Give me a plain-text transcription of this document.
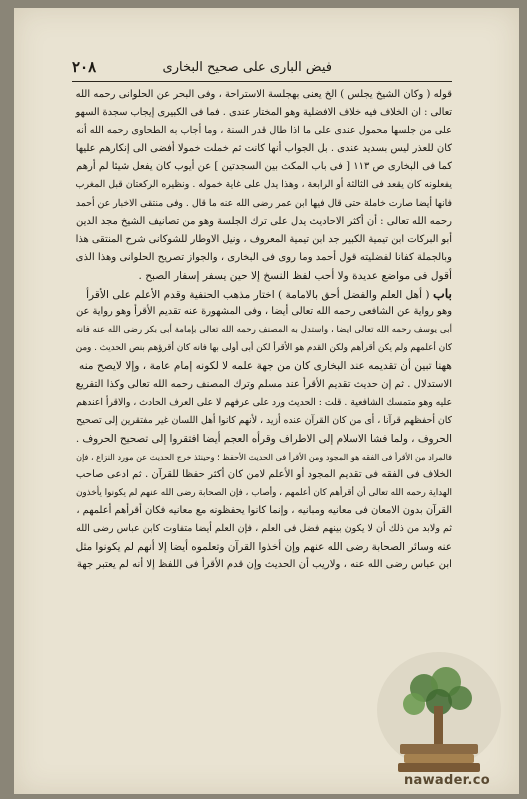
٢٠٨	فيض البارى على صحيح البخارى
قوله ( وكان الشيخ يجلس ) الخ يعنى بهجلسة الاستراحة ، وفى البحر عن الحلوانى رحمه الله
تعالى : ان الخلاف فيه خلاف الافضلية وهو المختار عندى . فما فى الكبيرى إيجاب سجدة السهو
على من جلسها محمول عندى على ما اذا طال قدر السنة ، وما أجاب به الطحاوى رحمه الله أنه
كان للعذر ليس بسديد عندى . بل الجواب أنها كانت ثم خملت خمولا أفضى الى إنكارهم عليها
كما فى البخارى ص ١١٣ [ فى باب المكث بين السجدتين ] عن أيوب كان يفعل شيئا لم أرهم
يفعلونه كان يقعد فى الثالثة أو الرابعة ، وهذا يدل على غاية خموله . ونظيره الركعتان قبل المغرب
فانها أيضا صارت خاملة حتى قال فيها ابن عمر رضى الله عنه ما قال . وفى منتقى الاخبار عن أحمد
رحمه الله تعالى : أن أكثر الاحاديث يدل على ترك الجلسة وهو من تصانيف الشيخ مجد الدين
أبو البركات ابن تيمية الكبير جد ابن تيمية المعروف ، ونيل الاوطار للشوكانى شرح المنتقى هذا
وبالجملة كفانا لفضليته قول أحمد وما روى فى البخارى ، والجواز تصريح الحلوانى وهذا الذى
أقول فى مواضع عديدة ولا أحب لفظ النسخ إلا حين يسفر إسفار الصبح .
باب ( أهل العلم والفضل أحق بالامامة ) اختار مذهب الحنفية وقدم الأعلم على الأقرأ
وهو رواية عن الشافعى رحمه الله تعالى أيضا ، وفى المشهورة عنه تقديم الأقرأ وهو رواية عن
أبى يوسف رحمه الله تعالى ايضا ، واستدل به المصنف رحمه الله تعالى بإمامة أبى بكر رضى الله عنه فانه
كان أعلمهم ولم يكن أقرأهم ولكن القدم هو الأقرأ لكن أبى أولى بها فانه كان أقرؤهم بنص الحديث . ومن
ههنا تبين أن تقديمه عند البخارى كان من جهة علمه لا لكونه إمام عامة ، وإلا لايصح منه
الاستدلال . ثم إن حديث تقديم الأقرأ عند مسلم وترك المصنف رحمه الله تعالى وكذا التفريع
عليه وهو متمسك الشافعية . قلت : الحديث ورد على عرفهم لا على العرف الحادث ، والاقرأ اعندهم
كان أحفظهم قرآنا ، أى من كان القرآن عنده أزيد ، لأنهم كانوا أهل اللسان غير مفتقرين إلى تصحيح
الحروف ، ولما فشا الاسلام إلى الاطراف وقرأه العجم أيضا افتقروا إلى تصحيح الحروف .
فالمراد من الأقرأ فى الفقه هو المجود ومن الأقرأ فى الحديث الأحفظ ؛ وحينئذ خرج الحديث عن مورد النزاع ، فإن
الخلاف فى الفقه فى تقديم المجود أو الأعلم لامن كان أكثر حفظا للقرآن . ثم ادعى صاحب
الهداية رحمه الله تعالى أن أقرأهم كان أعلمهم ، وأصاب ، فإن الصحابة رضى الله عنهم لم يكونوا يأخذون
القرآن بدون الامعان فى معانيه ومبانيه ، وإنما كانوا يحفظونه مع معانيه فكان أقرأهم أعلمهم ،
ثم ولابد من ذلك أن لا يكون بينهم فضل فى العلم ، فإن العلم أيضا متفاوت كابن عباس رضى الله
عنه وسائر الصحابة رضى الله عنهم وإن أخذوا القرآن وتعلموه أيضا إلا أنهم لم يكونوا مثل
ابن عباس رضى الله عنه ، ولاريب أن الحديث وإن قدم الأقرأ فى اللفظ إلا أنه لم يعتبر جهة
nawader.co
